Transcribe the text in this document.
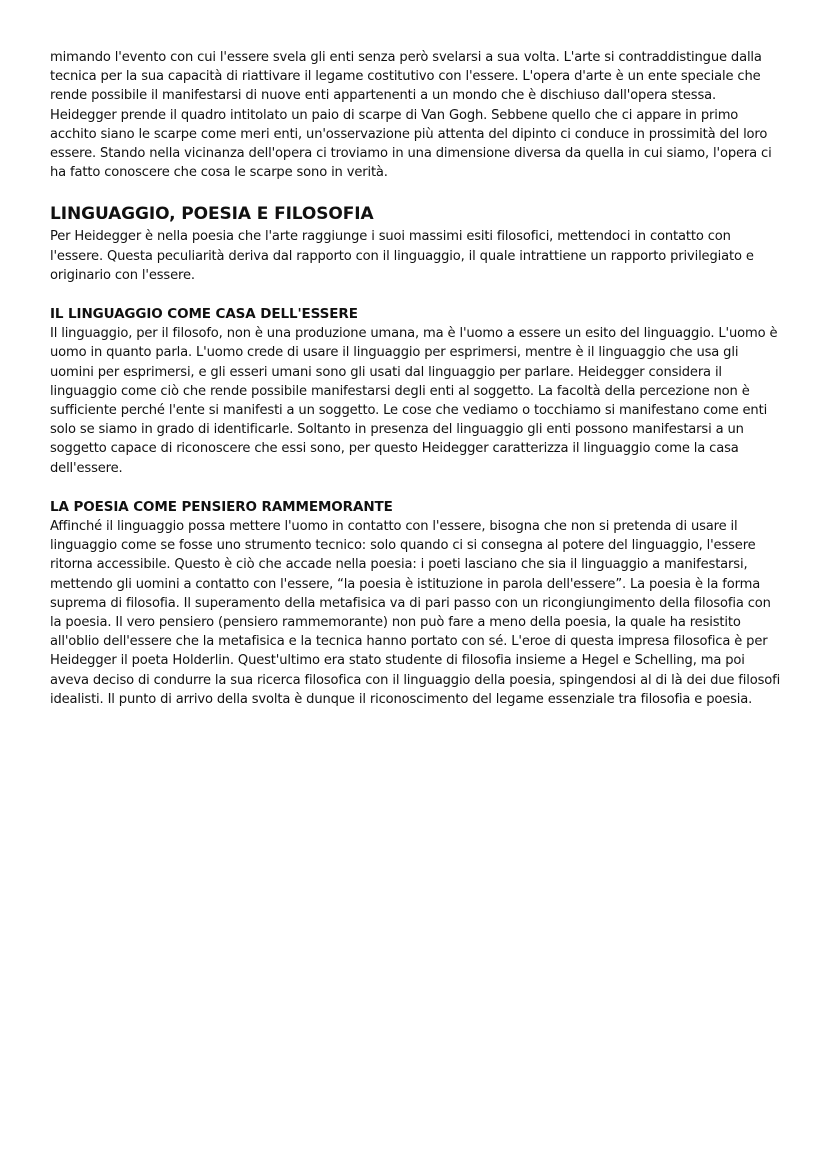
mimando l'evento con cui l'essere svela gli enti senza però svelarsi a sua volta. L'arte si contraddistingue dalla tecnica per la sua capacità di riattivare il legame costitutivo con l'essere. L'opera d'arte è un ente speciale che rende possibile il manifestarsi di nuove enti appartenenti a un mondo che è dischiuso dall'opera stessa. Heidegger prende il quadro intitolato un paio di scarpe di Van Gogh. Sebbene quello che ci appare in primo acchito siano le scarpe come meri enti, un'osservazione più attenta del dipinto ci conduce in prossimità del loro essere. Stando nella vicinanza dell'opera ci troviamo in una dimensione diversa da quella in cui siamo, l'opera ci ha fatto conoscere che cosa le scarpe sono in verità.

LINGUAGGIO, POESIA E FILOSOFIA

Per Heidegger è nella poesia che l'arte raggiunge i suoi massimi esiti filosofici, mettendoci in contatto con l'essere. Questa peculiarità deriva dal rapporto con il linguaggio, il quale intrattiene un rapporto privilegiato e originario con l'essere.

IL LINGUAGGIO COME CASA DELL'ESSERE

Il linguaggio, per il filosofo, non è una produzione umana, ma è l'uomo a essere un esito del linguaggio. L'uomo è uomo in quanto parla. L'uomo crede di usare il linguaggio per esprimersi, mentre è il linguaggio che usa gli uomini per esprimersi, e gli esseri umani sono gli usati dal linguaggio per parlare. Heidegger considera il linguaggio come ciò che rende possibile manifestarsi degli enti al soggetto. La facoltà della percezione non è sufficiente perché l'ente si manifesti a un soggetto. Le cose che vediamo o tocchiamo si manifestano come enti solo se siamo in grado di identificarle. Soltanto in presenza del linguaggio gli enti possono manifestarsi a un soggetto capace di riconoscere che essi sono, per questo Heidegger caratterizza il linguaggio come la casa dell'essere.

LA POESIA COME PENSIERO RAMMEMORANTE

Affinché il linguaggio possa mettere l'uomo in contatto con l'essere, bisogna che non si pretenda di usare il linguaggio come se fosse uno strumento tecnico: solo quando ci si consegna al potere del linguaggio, l'essere ritorna accessibile. Questo è ciò che accade nella poesia: i poeti lasciano che sia il linguaggio a manifestarsi, mettendo gli uomini a contatto con l'essere, “la poesia è istituzione in parola dell'essere”. La poesia è la forma suprema di filosofia. Il superamento della metafisica va di pari passo con un ricongiungimento della filosofia con la poesia. Il vero pensiero (pensiero rammemorante) non può fare a meno della poesia, la quale ha resistito all'oblio dell'essere che la metafisica e la tecnica hanno portato con sé. L'eroe di questa impresa filosofica è per Heidegger il poeta Holderlin. Quest'ultimo era stato studente di filosofia insieme a Hegel e Schelling, ma poi aveva deciso di condurre la sua ricerca filosofica con il linguaggio della poesia, spingendosi al di là dei due filosofi idealisti. Il punto di arrivo della svolta è dunque il riconoscimento del legame essenziale tra filosofia e poesia.
